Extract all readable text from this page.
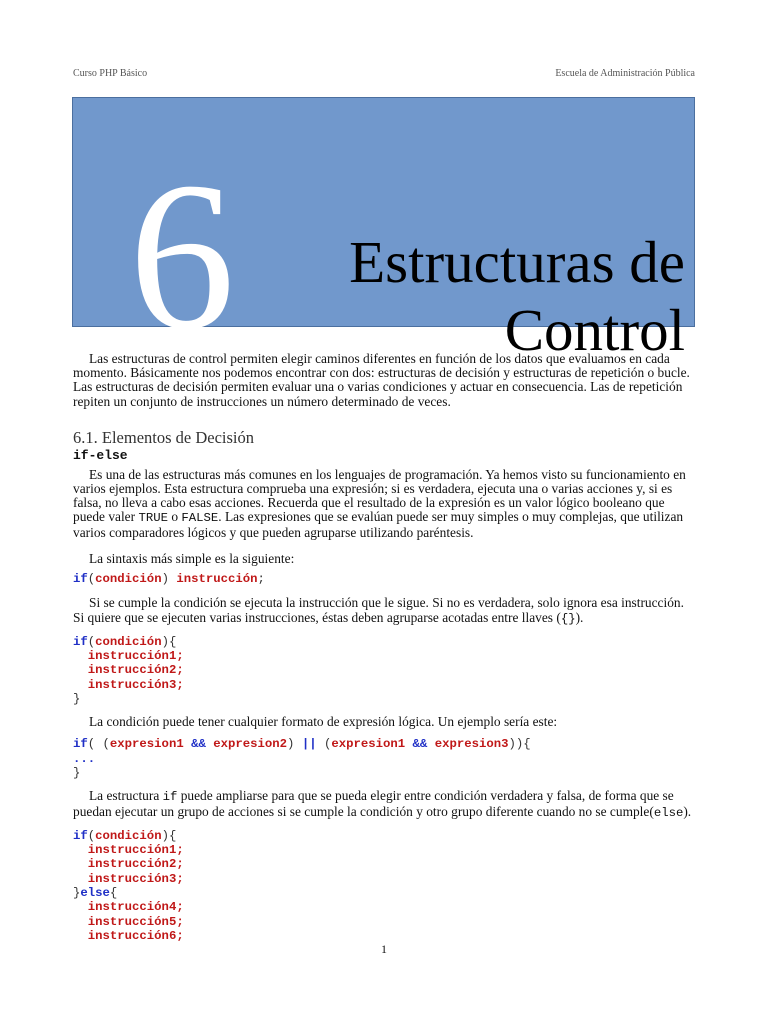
Curso PHP Básico	Escuela de Administración Pública
6 Estructuras de
Control

Las estructuras de control permiten elegir caminos diferentes en función de los datos que evaluamos en cada momento. Básicamente nos podemos encontrar con dos: estructuras de decisión y estructuras de repetición o bucle. Las estructuras de decisión permiten evaluar una o varias condiciones y actuar en consecuencia. Las de repetición repiten un conjunto de instrucciones un número determinado de veces.

6.1. Elementos de Decisión
if-else

Es una de las estructuras más comunes en los lenguajes de programación. Ya hemos visto su funcionamiento en varios ejemplos. Esta estructura comprueba una expresión; si es verdadera, ejecuta una o varias acciones y, si es falsa, no lleva a cabo esas acciones. Recuerda que el resultado de la expresión es un valor lógico booleano que puede valer TRUE o FALSE. Las expresiones que se evalúan puede ser muy simples o muy complejas, que utilizan varios comparadores lógicos y que pueden agruparse utilizando paréntesis.

La sintaxis más simple es la siguiente:

if(condición) instrucción;

Si se cumple la condición se ejecuta la instrucción que le sigue. Si no es verdadera, solo ignora esa instrucción. Si quiere que se ejecuten varias instrucciones, éstas deben agruparse acotadas entre llaves ({}).

if(condición){
instrucción1;
instrucción2;
instrucción3;
}

La condición puede tener cualquier formato de expresión lógica. Un ejemplo sería este:

if( (expresion1 && expresion2) || (expresion1 && expresion3)){
...
}

La estructura if puede ampliarse para que se pueda elegir entre condición verdadera y falsa, de forma que se puedan ejecutar un grupo de acciones si se cumple la condición y otro grupo diferente cuando no se cumple(else).

if(condición){
instrucción1;
instrucción2;
instrucción3;
}else{
instrucción4;
instrucción5;
instrucción6;
1
